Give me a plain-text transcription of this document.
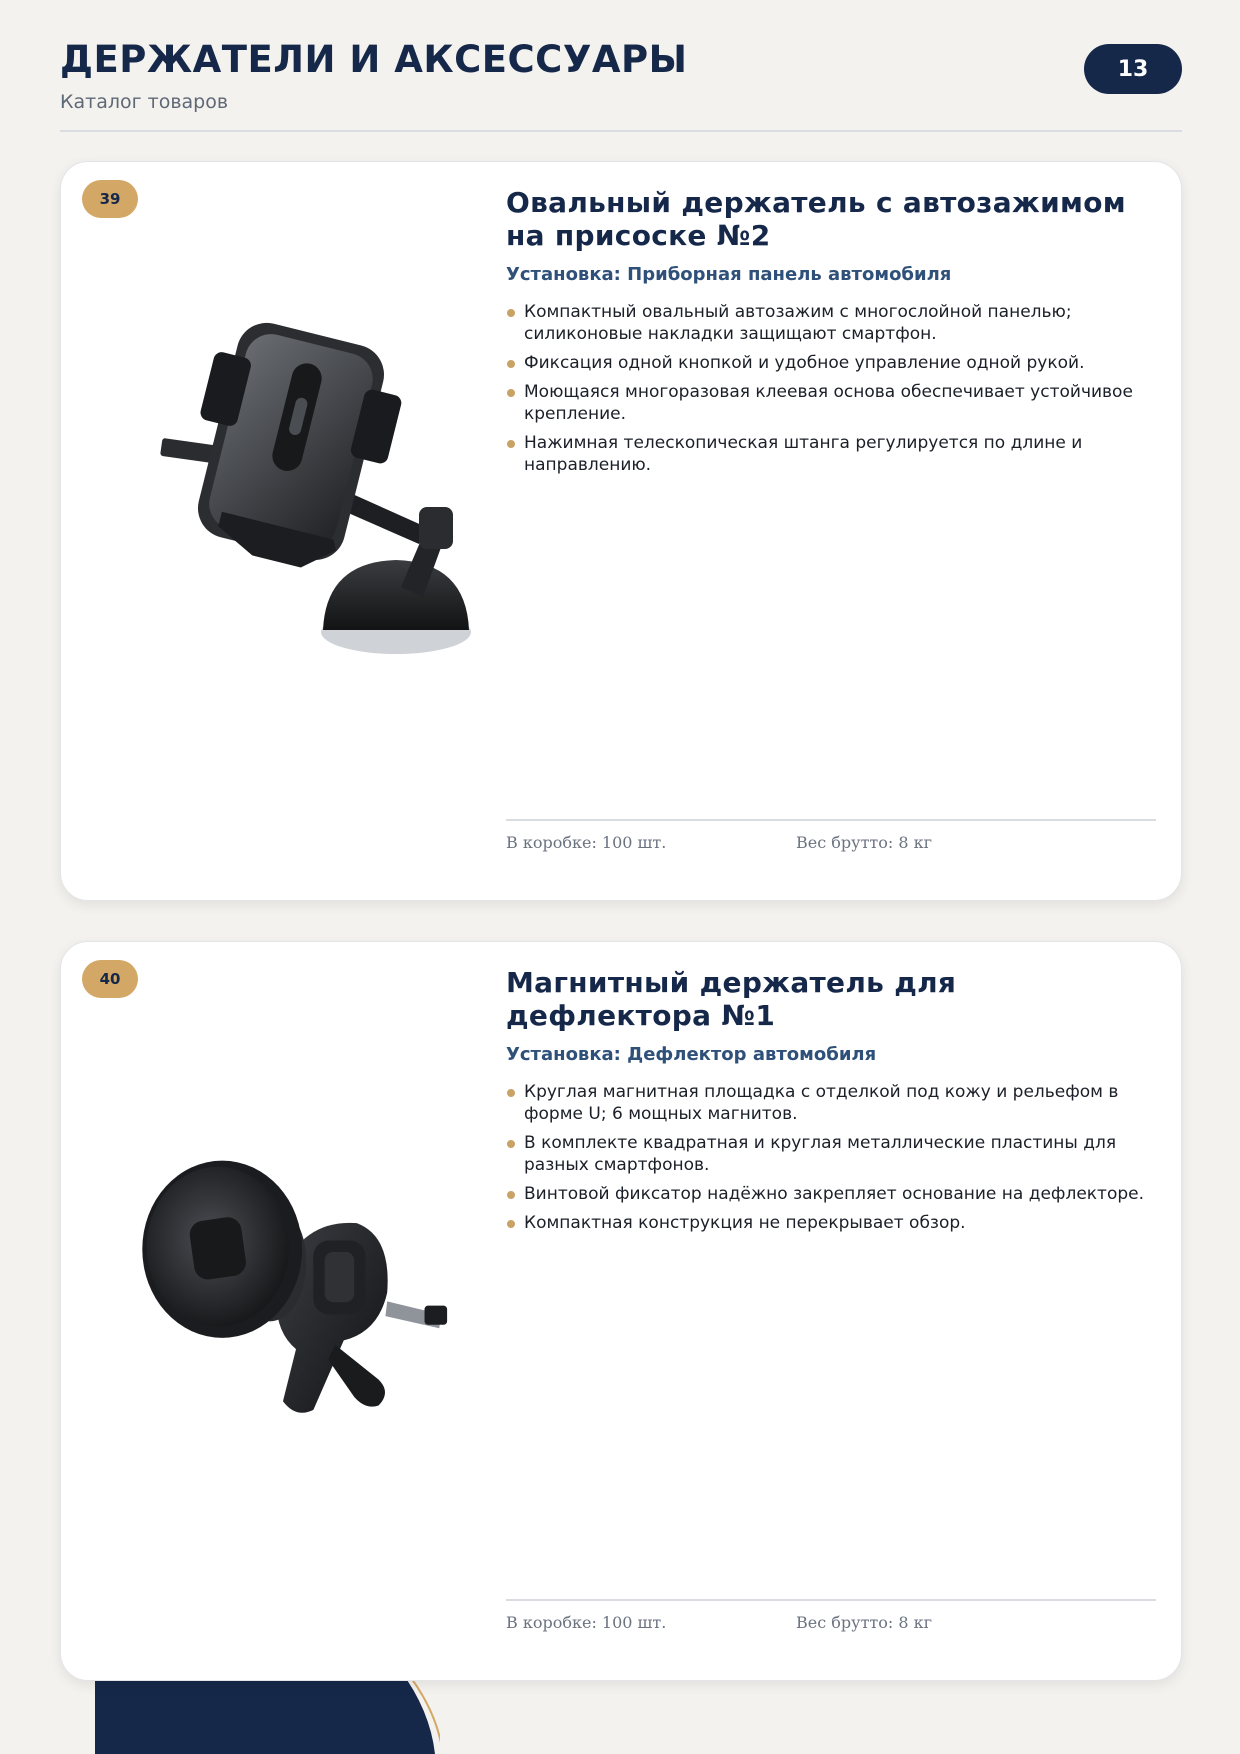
ДЕРЖАТЕЛИ И АКСЕССУАРЫ
Каталог товаров
13
39	Овальный держатель с автозажимом
на присоске №2
Установка: Приборная панель автомобиля
Компактный овальный автозажим с многослойной панелью; силиконовые накладки защищают смартфон.
Фиксация одной кнопкой и удобное управление одной рукой.
Моющаяся многоразовая клеевая основа обеспечивает устойчивое крепление.
Нажимная телескопическая штанга регулируется по длине и направлению.
В коробке: 100 шт.	Вес брутто: 8 кг
40	Магнитный держатель для
дефлектора №1
Установка: Дефлектор автомобиля
Круглая магнитная площадка с отделкой под кожу и рельефом в форме U; 6 мощных магнитов.
В комплекте квадратная и круглая металлические пластины для разных смартфонов.
Винтовой фиксатор надёжно закрепляет основание на дефлекторе.
Компактная конструкция не перекрывает обзор.
В коробке: 100 шт.	Вес брутто: 8 кг
